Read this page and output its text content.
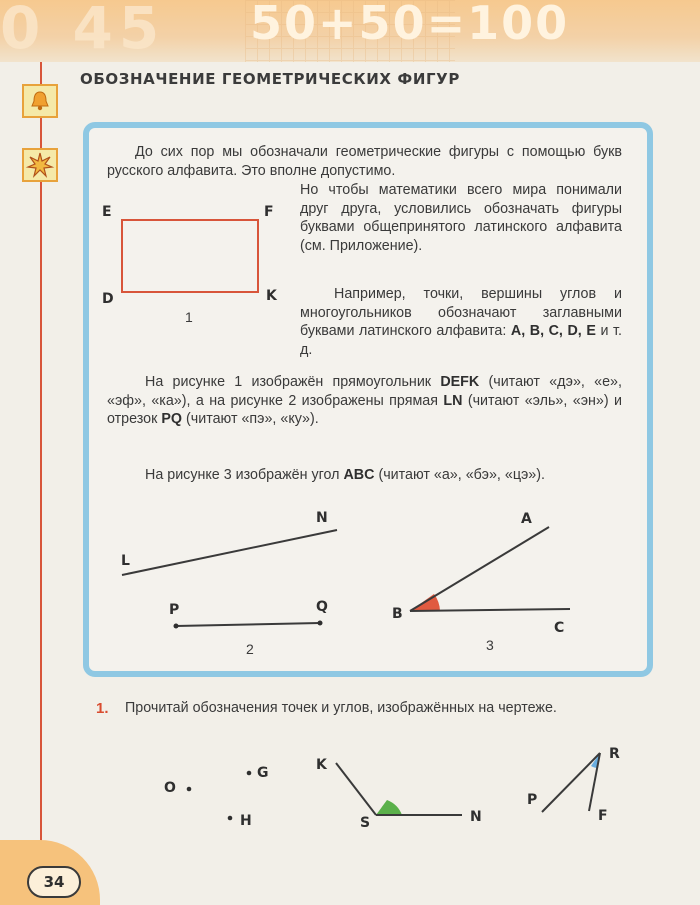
0 45 50+50=100
ОБОЗНАЧЕНИЕ ГЕОМЕТРИЧЕСКИХ ФИГУР
До сих пор мы обозначали геометрические фигуры с помощью букв русского алфавита. Это вполне допустимо.
Но чтобы математики всего мира понимали друг друга, условились обозначать фигуры буквами общепринятого латинского алфавита (см. Приложение).
Например, точки, вершины углов и многоугольников обозначают заглавными буквами латинского алфавита: A, B, C, D, E и т. д.
E	F
D	K
1
На рисунке 1 изображён прямоугольник DEFK (читают «дэ», «е», «эф», «ка»), а на рисунке 2 изображены прямая LN (читают «эль», «эн») и отрезок PQ (читают «пэ», «ку»).
На рисунке 3 изображён угол ABC (читают «а», «бэ», «цэ»).
L
N
P	Q
2
A
B
C
3
1. Прочитай обозначения точек и углов, изображённых на чертеже.
O
G
H
K
S	N
R
P
F
34
